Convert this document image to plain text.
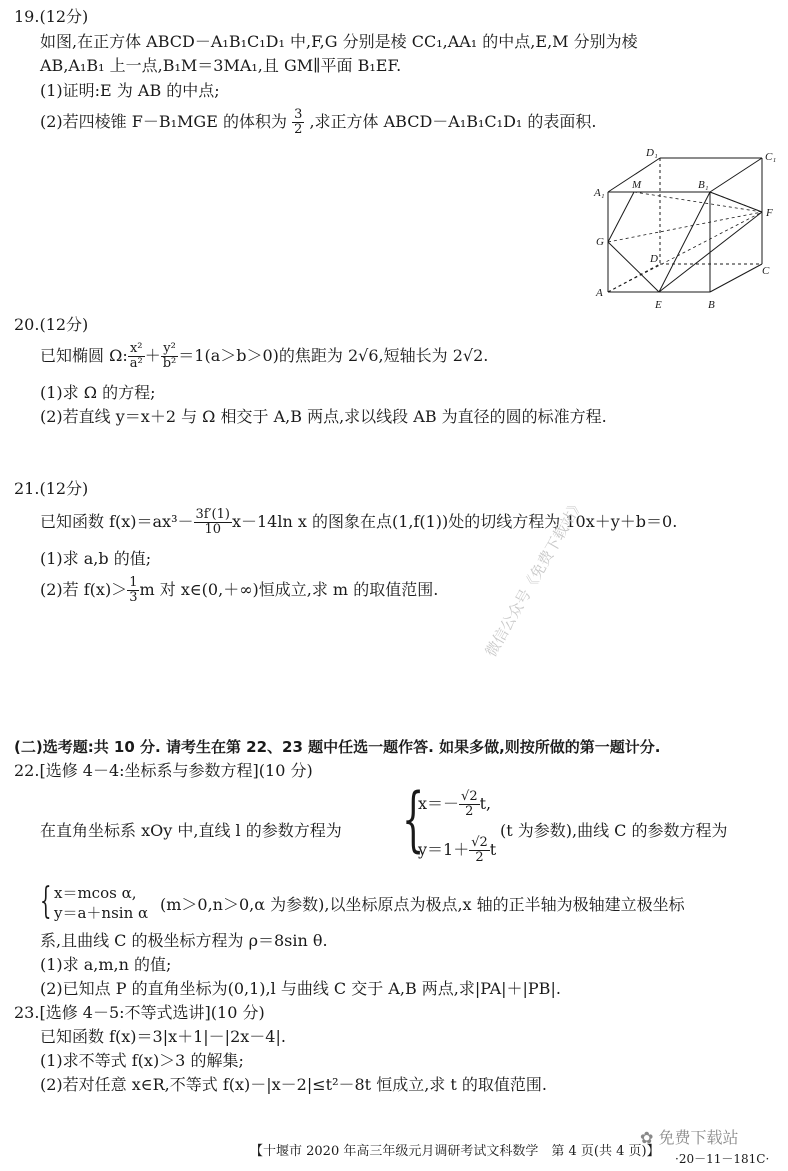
19.(12分)
如图,在正方体 ABCD－A₁B₁C₁D₁ 中,F,G 分别是棱 CC₁,AA₁ 的中点,E,M 分别为棱
AB,A₁B₁ 上一点,B₁M＝3MA₁,且 GM∥平面 B₁EF.
(1)证明:E 为 AB 的中点;
(2)若四棱锥 F－B₁MGE 的体积为 $\frac{3}{2}$ ,求正方体 ABCD－A₁B₁C₁D₁ 的表面积.
D₁	C₁
A₁
M	B₁
F
G
D
C
A
E	B
20.(12分)
已知椭圆 Ω: $\frac{\text{x²}}{\text{a²}} + \frac{\text{y²}}{\text{b²}} =1(a>b>0)$的焦距为 2√6,短轴长为 2√2.
(1)求 Ω 的方程;
(2)若直线 y＝x＋2 与 Ω 相交于 A,B 两点,求以线段 AB 为直径的圆的标准方程.
21.(12分)
已知函数 $f(x)=ax^3- \frac{3f'(1)}{10} x-14\ln$ x 的图象在点(1,f(1))处的切线方程为 10x＋y＋b＝0.
(1)求 a,b 的值;
(2)若 $f(x)> \frac{1}{3}$ m 对 x∈(0,＋∞)恒成立,求 m 的取值范围.	微信公众号《免费下载站》
(二)选考题:共 10 分. 请考生在第 22、23 题中任选一题作答. 如果多做,则按所做的第一题计分.
22.[选修 4－4:坐标系与参数方程](10 分)
在直角坐标系 xOy 中,直线 l 的参数方程为 {
$x=- \frac{√2}{2} t$,
$y=1+ \frac{√2}{2}$ t
(t 为参数),曲线 C 的参数方程为
{ x＝mcos α,
y＝a＋nsin α (m＞0,n＞0,α 为参数),以坐标原点为极点,x 轴的正半轴为极轴建立极坐标
系,且曲线 C 的极坐标方程为 ρ＝8sin θ.
(1)求 a,m,n 的值;
(2)已知点 P 的直角坐标为(0,1),l 与曲线 C 交于 A,B 两点,求|PA|＋|PB|.
23.[选修 4－5:不等式选讲](10 分)
已知函数 f(x)＝3|x＋1|－|2x－4|.
(1)求不等式 f(x)＞3 的解集;
(2)若对任意 x∈R,不等式 f(x)－|x－2|≤t²－8t 恒成立,求 t 的取值范围.
✿ 免费下载站
【十堰市 2020 年高三年级元月调研考试文科数学　第 4 页(共 4 页)】 ·20－11－181C·
